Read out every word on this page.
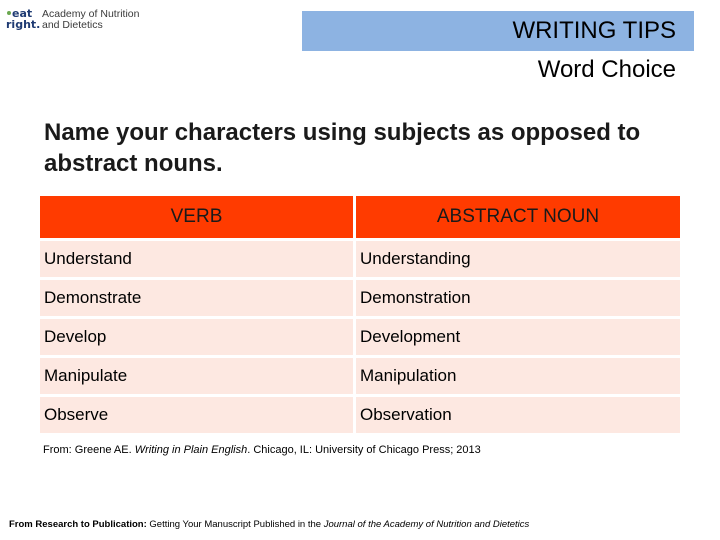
eat
right.
Academy of Nutrition
and Dietetics	WRITING TIPS
Word Choice
Name your characters using subjects as opposed to abstract nouns.
VERB	ABSTRACT NOUN

Understand	Understanding
Demonstrate	Demonstration
Develop	Development
Manipulate	Manipulation
Observe	Observation
From: Greene AE. Writing in Plain English. Chicago, IL: University of Chicago Press; 2013
From Research to Publication: Getting Your Manuscript Published in the Journal of the Academy of Nutrition and Dietetics
